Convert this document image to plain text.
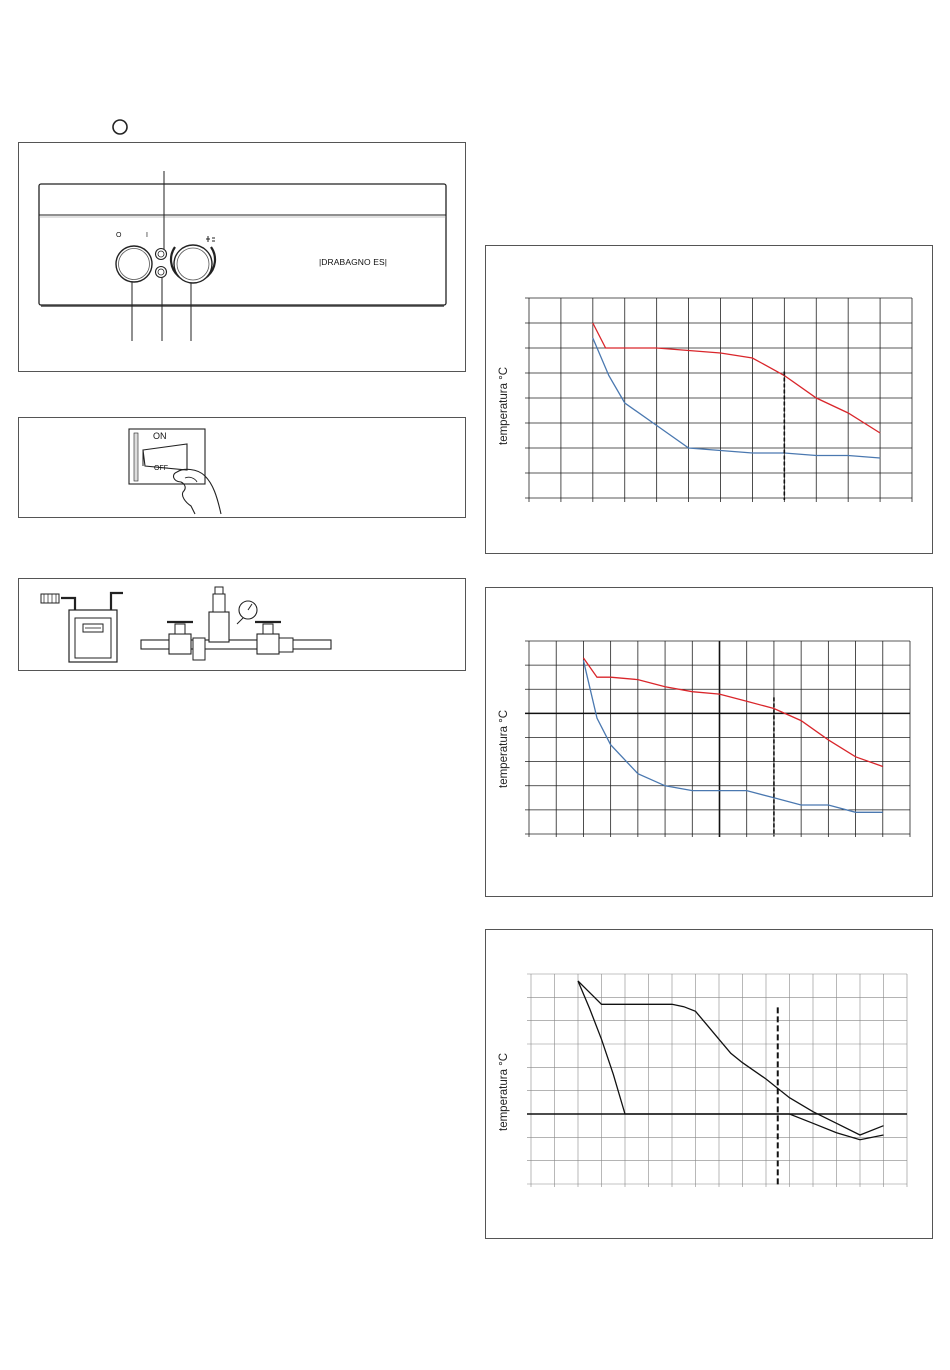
O	I
|DRABAGNO ES|
ON
OFF
temperatura °C
temperatura °C
temperatura °C
